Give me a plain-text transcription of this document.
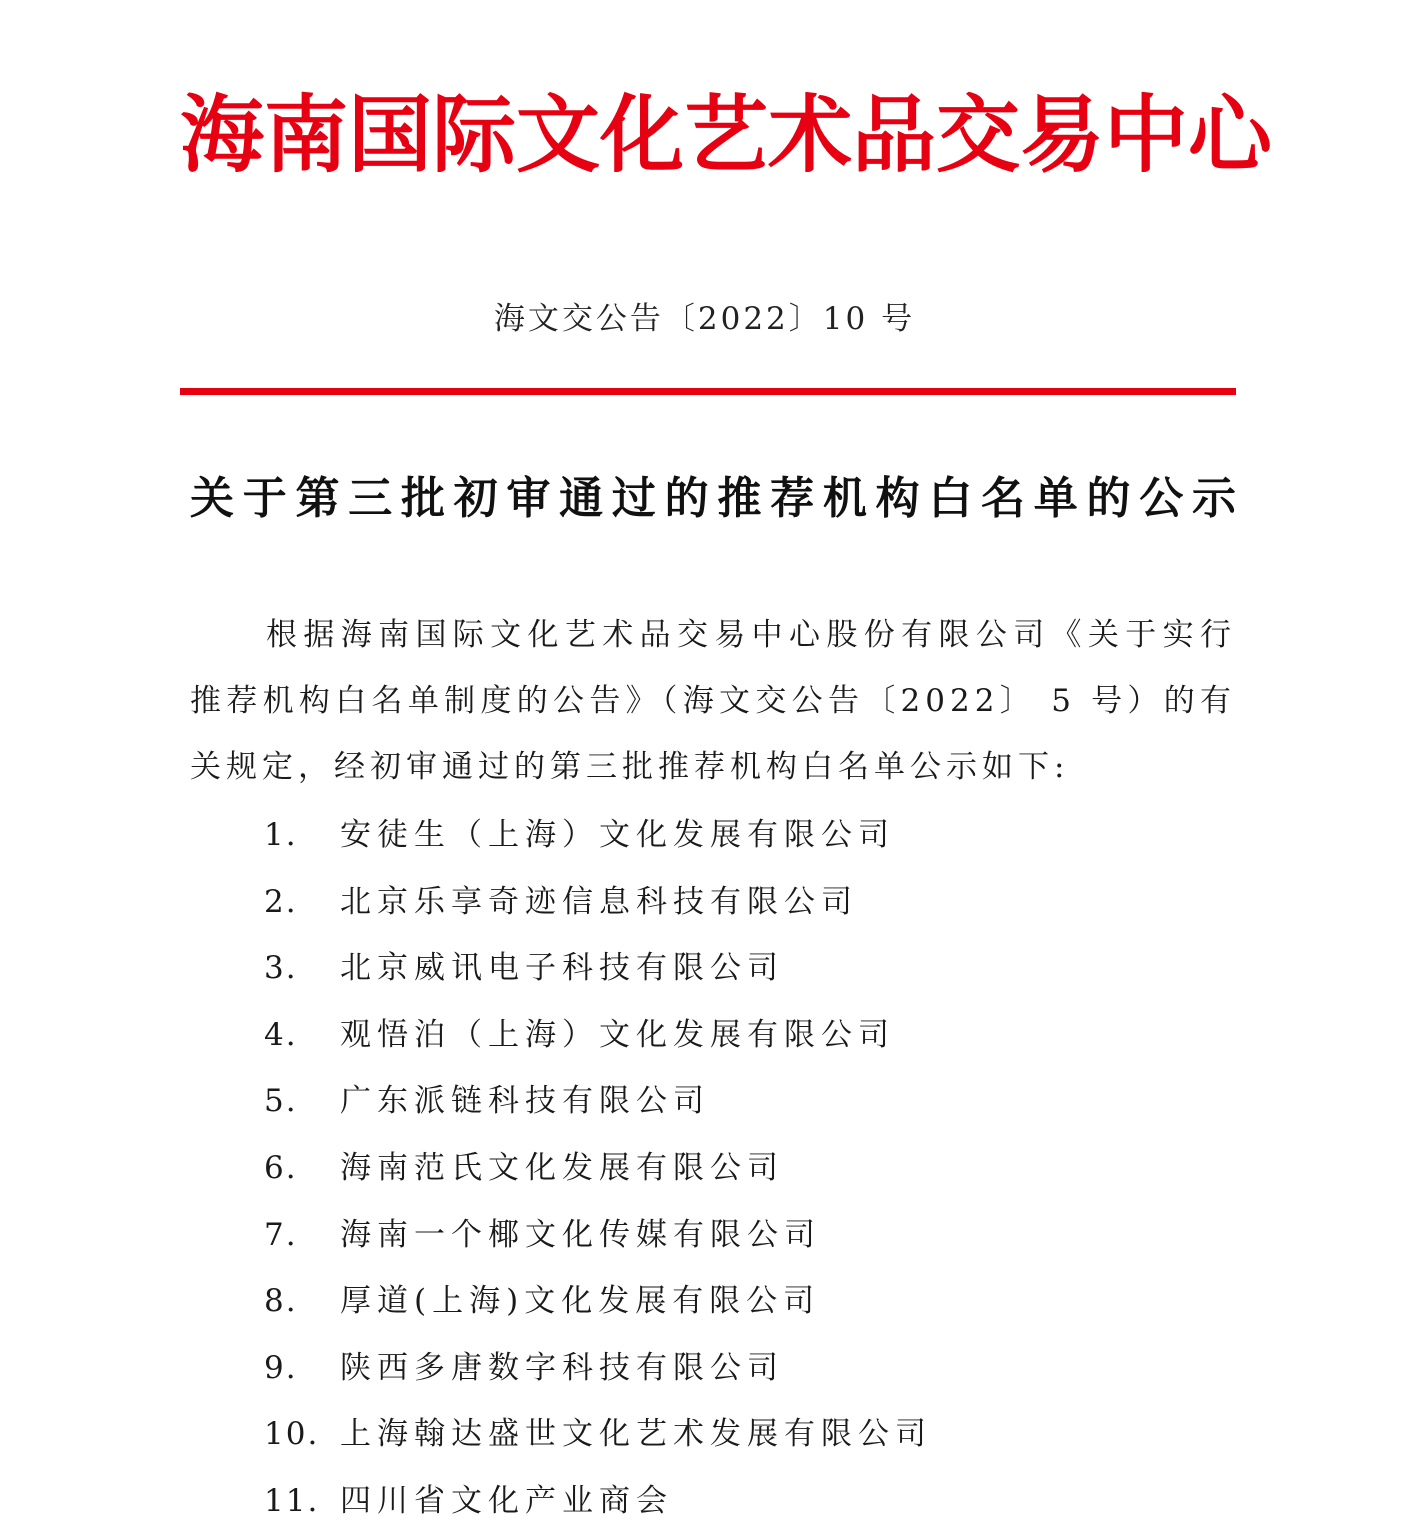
海南国际文化艺术品交易中心
海文交公告〔2022〕10 号
关于第三批初审通过的推荐机构白名单的公示

根据海南国际文化艺术品交易中心股份有限公司《关于实行推荐机构白名单制度的公告》（海文交公告〔2022〕 5 号）的有关规定，经初审通过的第三批推荐机构白名单公示如下:

1. 安徒生（上海）文化发展有限公司
2. 北京乐享奇迹信息科技有限公司
3. 北京威讯电子科技有限公司
4. 观悟泊（上海）文化发展有限公司
5. 广东派链科技有限公司
6. 海南范氏文化发展有限公司
7. 海南一个椰文化传媒有限公司
8. 厚道(上海)文化发展有限公司
9. 陕西多唐数字科技有限公司
10. 上海翰达盛世文化艺术发展有限公司
11. 四川省文化产业商会
